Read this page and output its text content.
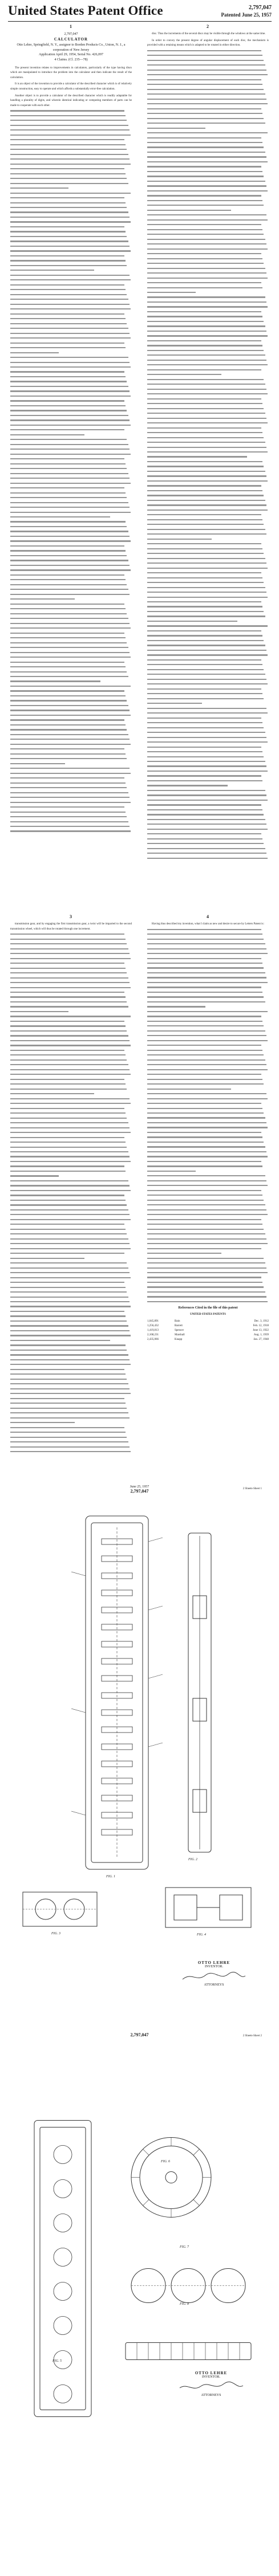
United States Patent Office	2,797,047
Patented June 25, 1957
1	2
2,797,047
CALCULATOR
Otto Lehre, Springfield, N. Y., assignor to Borden Products Co., Union, N. J., a corporation of New Jersey
Application April 29, 1954, Serial No. 426,097
4 Claims. (Cl. 235—78)

The present invention relates to improvements in calculators, particularly of the type having discs which are manipulated to introduce the problem into the calculator and then indicate the result of the calculation.

It is an object of the invention to provide a calculator of the described character which is of relatively simple construction, easy to operate and which affords a substantially error-free calculation.

Another object is to provide a calculator of the described character which is readily adaptable for handling a plurality of digits, and wherein identical indicating or computing members of parts can be made to cooperate with each other.

disc. Thus the increments of the several discs may be visible through the windows at the same time.

In order to convey the present degree of angular displacement of each disc, the mechanism is provided with a retaining means which is adapted to be rotated in either direction.

3	4

transmission gear, and by engaging the first transmission gear, a twist will be imparted to the second transmission wheel, which will thus be rotated through one increment.

Having thus described my invention, what I claim as new and desire to secure by Letters Patent is:

References Cited in the file of this patent
UNITED STATES PATENTS
1,045,891	Bain	Dec. 3, 1912
1,256,432	Barrett	Feb. 12, 1918
1,419,813	Spencer	June 13, 1922
2,168,231	Marshall	Aug. 1, 1939
2,435,066	Knapp	Jan. 27, 1948
June 25, 1957
2,797,047	2 Sheets-Sheet 1
FIG. 1
FIG. 2
FIG. 3	FIG. 4
OTTO LEHRE
INVENTOR.
ATTORNEYS
2,797,047	2 Sheets-Sheet 2
FIG. 5
FIG. 6
FIG. 7
FIG. 8
OTTO LEHRE
INVENTOR.
ATTORNEYS
